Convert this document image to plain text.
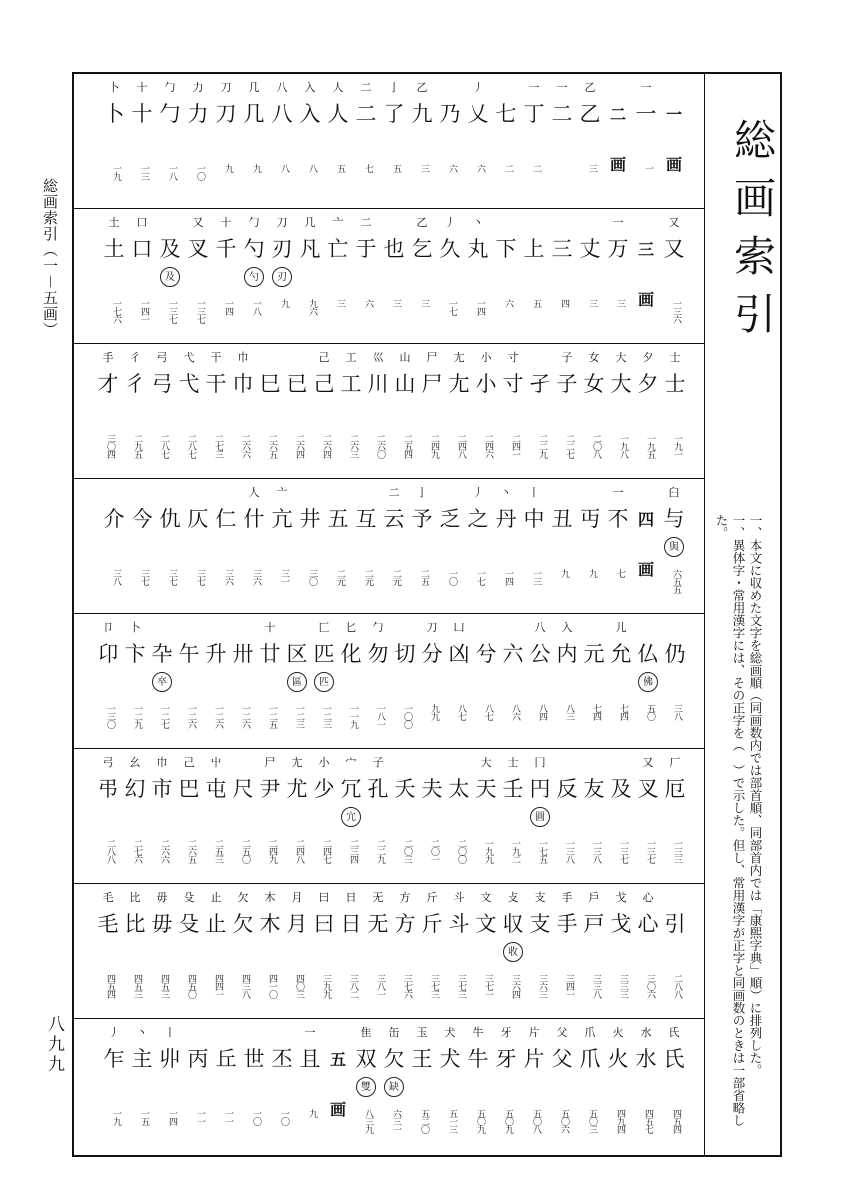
総画索引（一－五画）
八九九
一
画
一
一
一
二
画
乙
乙
三
一
二
一
丁
二
七
二
丿
乂
六
乃
六
乙
九
三
亅
了
五
二
二
七
人
人
五
入
入
八
八
八
八
几
几
九
刀
刀
九
力
力
一〇
勹
勹
一八
十
十
一三
卜
卜
一九
又
又
一三六
三
画
一
万
三
丈
三
三
四
上
五
下
六
丶
丸
一四
丿
久
一七
乙
乞
三
也
三
二
于
六
亠
亡
三
几
凡
九六
刀
刃
刃
九
勹
勺
勺
一八
十
千
一四
又
叉
一三七
及
及
一三七
口
口
一四一
土
土
一七六
士
士
一九一
夕
夕
一九五
大
大
一九八
女
女
二〇八
子
子
二二七
孑
二二九
寸
寸
二四一
小
小
二四六
尢
尢
二四八
尸
尸
二四九
山
山
二五四
巛
川
二六〇
工
工
二六三
己
己
二六四
已
二六四
巳
二六五
巾
巾
二六六
干
干
二七三
弋
弋
二八七
弓
弓
二八七
彳
彳
二九五
手
才
三〇四
臼
与
與
六五五
四
画
一
不
七
丏
九
丑
九
丨
中
一三
丶
丹
一四
丿
之
一七
乏
一〇
亅
予
二五
二
云
二元
互
二元
五
二元
井
三〇
亠
亢
三一
人
什
三六
仁
三六
仄
三七
仇
三七
今
三七
介
三八
仍
三八
仏
佛
五〇
儿
允
七四
元
七四
入
内
八三
八
公
八四
六
八六
兮
八七
凵
凶
八七
刀
分
九九
切
一〇〇
勹
勿
一八一
匕
化
一一九
匚
匹
匹
一二三
区
區
一二三
十
廿
一二五
卅
一二六
升
一二六
午
一二六
卆
卒
一二七
卜
卞
一二九
卩
卬
一三〇
厂
厄
一三三
又
叉
一三七
及
一三七
友
一三八
反
一三八
冂
円
圓
一七五
士
壬
一九二
大
天
一九九
太
二〇〇
夫
二〇一
夭
二〇三
子
孔
二二九
宀
冗
宂
二三四
小
少
二四七
尢
尤
二四八
尸
尹
二四九
尺
二五〇
屮
屯
二五三
己
巴
二六五
巾
市
二六六
幺
幻
二七六
弓
弔
二八八
引
二八八
心
心
三〇六
戈
戈
三三三
戶
戸
三三八
手
手
三四一
支
支
三六三
攴
収
收
三六四
文
文
三七一
斗
斗
三七三
斤
斤
三七三
方
方
三七六
无
无
三八一
日
日
三八二
曰
曰
三九九
月
月
四〇三
木
木
四一〇
欠
欠
四三八
止
止
四四一
殳
殳
四五〇
毋
毋
四五三
比
比
四五三
毛
毛
四五四
氏
氏
四五四
水
水
四五七
火
火
四九四
爪
爪
五〇三
父
父
五〇六
片
片
五〇八
牙
牙
五〇九
牛
牛
五〇九
犬
犬
五一三
玉
王
五二〇
缶
欠
缺
六三一
隹
双
雙
八三九
五
画
一
且
九
丕
一〇
世
一〇
丘
一一
丙
一一
丨
丱
一四
丶
主
一五
丿
乍
一九
総画索引

一、本文に収めた文字を総画順（同画数内では部首順、同部首内では「康煕字典」順）に排列した。

一、異体字・常用漢字には、その正字を（　）で示した。但し、常用漢字が正字と同画数のときは一部省略した。
